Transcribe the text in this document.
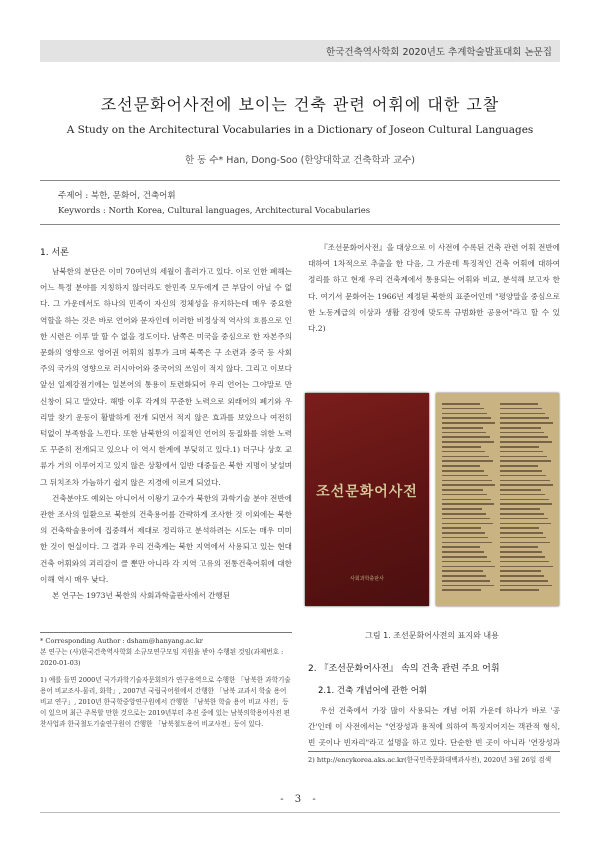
한국건축역사학회 2020년도 추계학술발표대회 논문집
조선문화어사전에 보이는 건축 관련 어휘에 대한 고찰
A Study on the Architectural Vocabularies in a Dictionary of Joseon Cultural Languages
한 동 수* Han, Dong-Soo (한양대학교 건축학과 교수)
주제어 : 북한, 문화어, 건축어휘
Keywords : North Korea, Cultural languages, Architectural Vocabularies
1. 서론

남북한의 분단은 이미 70여년의 세월이 흘러가고 있다. 이로 인한 폐해는 어느 특정 분야를 지칭하지 않더라도 한민족 모두에게 큰 부담이 아닐 수 없다. 그 가운데서도 하나의 민족이 자신의 정체성을 유지하는데 매우 중요한 역할을 하는 것은 바로 언어와 문자인데 이러한 비정상적 역사의 흐름으로 인한 시련은 이루 말 할 수 없을 정도이다. 남쪽은 미국을 중심으로 한 자본주의 문화의 영향으로 영어권 어휘의 침투가 크며 북쪽은 구 소련과 중국 등 사회주의 국가의 영향으로 러시아어와 중국어의 쓰임이 적지 않다. 그리고 이보다 앞선 일제강점기에는 일본어의 통용이 토련화되어 우리 언어는 그야말로 만신창이 되고 말았다. 해방 이후 각계의 꾸준한 노력으로 외래어의 폐기와 우리말 찾기 운동이 활발하게 전개 되면서 적지 않은 효과를 보았으나 여전히 턱없이 부족함을 느낀다. 또한 남북한의 이질적인 언어의 동질화를 위한 노력도 꾸준히 전개되고 있으나 이 역시 한계에 부딪히고 있다.1) 더구나 상호 교류가 거의 이루어지고 있지 않은 상황에서 일반 대중들은 북한 지명이 낯설며 그 뒤치조차 가늠하기 쉽지 않은 지경에 이르게 되었다.

건축분야도 예외는 아니어서 이왕기 교수가 북한의 과학기술 분야 전반에 관한 조사의 일환으로 북한의 건축용어를 간략하게 조사한 것 이외에는 북한의 건축학술용어에 집중해서 제대로 정리하고 분석하려는 시도는 매우 미미한 것이 현실이다. 그 결과 우리 건축계는 북한 지역에서 사용되고 있는 현대 건축 어휘와의 괴리감이 클 뿐만 아니라 각 지역 고유의 전통건축어휘에 대한 이해 역시 매우 낮다.

본 연구는 1973년 북한의 사회과학출판사에서 간행된

* Corresponding Author : dsham@hanyang.ac.kr

본 연구는 (사)한국건축역사학회 소규모연구모임 지원을 받아 수행된 것임(과제번호 : 2020-01-03)

1) 예를 들면 2000년 국가과학기술자문회의가 연구용역으로 수행한 「남북한 과학기술용어 비교조사-물리, 화학」, 2007년 국립국어원에서 간행한 「남북 교과서 학술 용어 비교 연구」, 2010년 한국학중앙연구원에서 간행한 「남북한 학술 용어 비교 사전」등이 있으며 최근 주목할 만한 것으로는 2019년부터 추진 중에 있는 남북의학용어사전 편찬사업과 한국철도기술연구원이 간행한 「남북철도용어 비교사전」등이 있다.

『조선문화어사전』을 대상으로 이 사전에 수록된 건축 관련 어휘 전반에 대하여 1차적으로 추출을 한 다음, 그 가운데 특징적인 건축 어휘에 대하여 정리를 하고 현재 우리 건축계에서 통용되는 어휘와 비교, 분석해 보고자 한다. 여기서 문화어는 1966년 제정된 북한의 표준어인데 "평양말을 중심으로 한 노동계급의 이상과 생활 감정에 맞도록 규범화한 공용어"라고 할 수 있다.2)

조선문화어사전
사회과학출판사
그림 1. 조선문화어사전의 표지와 내용
2. 『조선문화어사전』 속의 건축 관련 주요 어휘
2.1. 건축 개념어에 관한 어휘

우선 건축에서 가장 많이 사용되는 개념 어휘 가운데 하나가 바로 '공간'인데 이 사전에서는 "연장성과 용적에 의하여 특징지어지는 객관적 형식, 빈 곳이나 빈자리"라고 설명을 하고 있다. 단순한 빈 곳이 아니라 '연장성과

2) http://encykorea.aks.ac.kr(한국민족문화대백과사전), 2020년 3월 26일 검색

- 3 -
